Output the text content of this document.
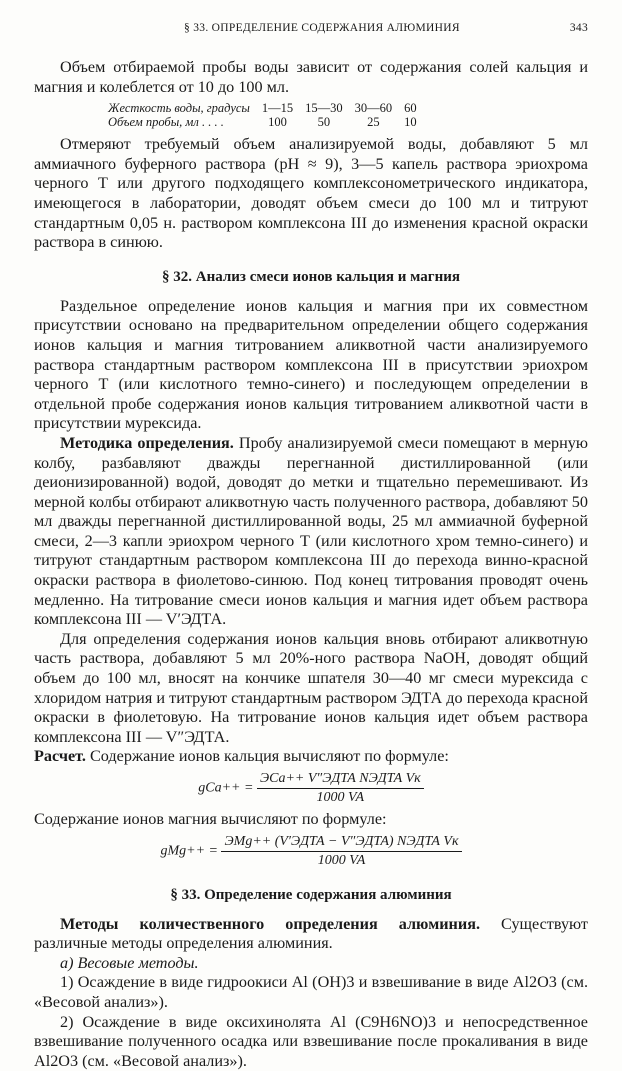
§ 33. ОПРЕДЕЛЕНИЕ СОДЕРЖАНИЯ АЛЮМИНИЯ	343

Объем отбираемой пробы воды зависит от содержания солей кальция и магния и колеблется от 10 до 100 мл.

Жесткость воды, градусы	1—15	15—30	30—60	60
Объем пробы, мл . . . .	100	50	25	10

Отмеряют требуемый объем анализируемой воды, добавляют 5 мл аммиачного буферного раствора (pH ≈ 9), 3—5 капель раствора эриохрома черного Т или другого подходящего комплексонометрического индикатора, имеющегося в лаборатории, доводят объем смеси до 100 мл и титруют стандартным 0,05 н. раствором комплексона III до изменения красной окраски раствора в синюю.

§ 32. Анализ смеси ионов кальция и магния

Раздельное определение ионов кальция и магния при их совместном присутствии основано на предварительном определении общего содержания ионов кальция и магния титрованием аликвотной части анализируемого раствора стандартным раствором комплексона III в присутствии эриохром черного Т (или кислотного темно-синего) и последующем определении в отдельной пробе содержания ионов кальция титрованием аликвотной части в присутствии мурексида.

Методика определения. Пробу анализируемой смеси помещают в мерную колбу, разбавляют дважды перегнанной дистиллированной (или деионизированной) водой, доводят до метки и тщательно перемешивают. Из мерной колбы отбирают аликвотную часть полученного раствора, добавляют 50 мл дважды перегнанной дистиллированной воды, 25 мл аммиачной буферной смеси, 2—3 капли эриохром черного Т (или кислотного хром темно-синего) и титруют стандартным раствором комплексона III до перехода винно-красной окраски раствора в фиолетово-синюю. Под конец титрования проводят очень медленно. На титрование смеси ионов кальция и магния идет объем раствора комплексона III — V′ЭДТА.

Для определения содержания ионов кальция вновь отбирают аликвотную часть раствора, добавляют 5 мл 20%-ного раствора NaOH, доводят общий объем до 100 мл, вносят на кончике шпателя 30—40 мг смеси мурексида с хлоридом натрия и титруют стандартным раствором ЭДТА до перехода красной окраски в фиолетовую. На титрование ионов кальция идет объем раствора комплексона III — V″ЭДТА.

Расчет. Содержание ионов кальция вычисляют по формуле:

$gCa++ = \frac{\text{ЭCa++ V″ЭДТА NЭДТА Vк}}{1000 VA}$

Содержание ионов магния вычисляют по формуле:

$gMg++ = \frac{\text{ЭMg++ (V′ЭДТА − V″ЭДТА) NЭДТА Vк}}{1000 VA}$
§ 33. Определение содержания алюминия

Методы количественного определения алюминия. Существуют различные методы определения алюминия.

а) Весовые методы.

1) Осаждение в виде гидроокиси Al (OH)3 и взвешивание в виде Al2O3 (см. «Весовой анализ»).

2) Осаждение в виде оксихинолята Al (C9H6NO)3 и непосредственное взвешивание полученного осадка или взвешивание после прокаливания в виде Al2O3 (см. «Весовой анализ»).
